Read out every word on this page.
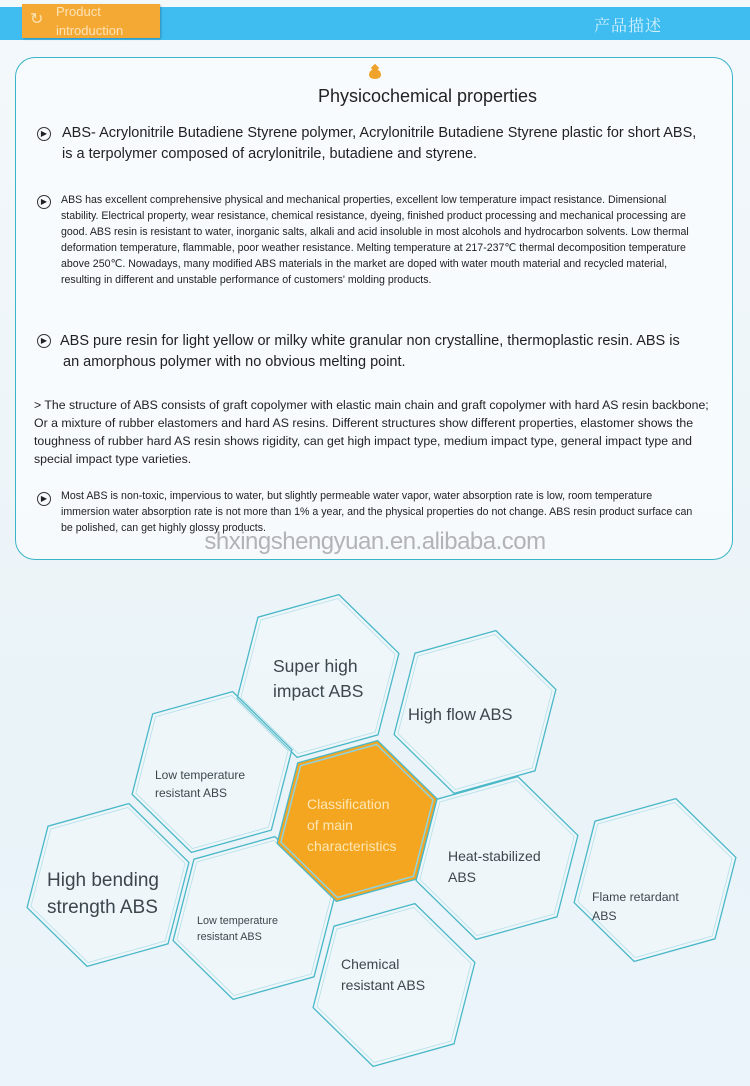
↻ Product
introduction	产品描述
Physicochemical properties
▶ ABS- Acrylonitrile Butadiene Styrene polymer, Acrylonitrile Butadiene Styrene plastic for short ABS, is a terpolymer composed of acrylonitrile, butadiene and styrene.
▶	ABS has excellent comprehensive physical and mechanical properties, excellent low temperature impact resistance. Dimensional stability. Electrical property, wear resistance, chemical resistance, dyeing, finished product processing and mechanical processing are good. ABS resin is resistant to water, inorganic salts, alkali and acid insoluble in most alcohols and hydrocarbon solvents. Low thermal deformation temperature, flammable, poor weather resistance. Melting temperature at 217-237℃ thermal decomposition temperature above 250℃. Nowadays, many modified ABS materials in the market are doped with water mouth material and recycled material, resulting in different and unstable performance of customers' molding products.
▶ ABS pure resin for light yellow or milky white granular non crystalline, thermoplastic resin. ABS is
an amorphous polymer with no obvious melting point.
> The structure of ABS consists of graft copolymer with elastic main chain and graft copolymer with hard AS resin backbone; Or a mixture of rubber elastomers and hard AS resins. Different structures show different properties, elastomer shows the toughness of rubber hard AS resin shows rigidity, can get high impact type, medium impact type, general impact type and special impact type varieties.
▶	Most ABS is non-toxic, impervious to water, but slightly permeable water vapor, water absorption rate is low, room temperature immersion water absorption rate is not more than 1% a year, and the physical properties do not change. ABS resin product surface can be polished, can get highly glossy products.
shxingshengyuan.en.alibaba.com
Super high
impact ABS
High flow ABS
Low temperature
resistant ABS
Classification
of main
characteristics
Heat-stabilized
ABS
High bending
strength ABS
Low temperature
resistant ABS
Chemical
resistant ABS
Flame retardant
ABS
